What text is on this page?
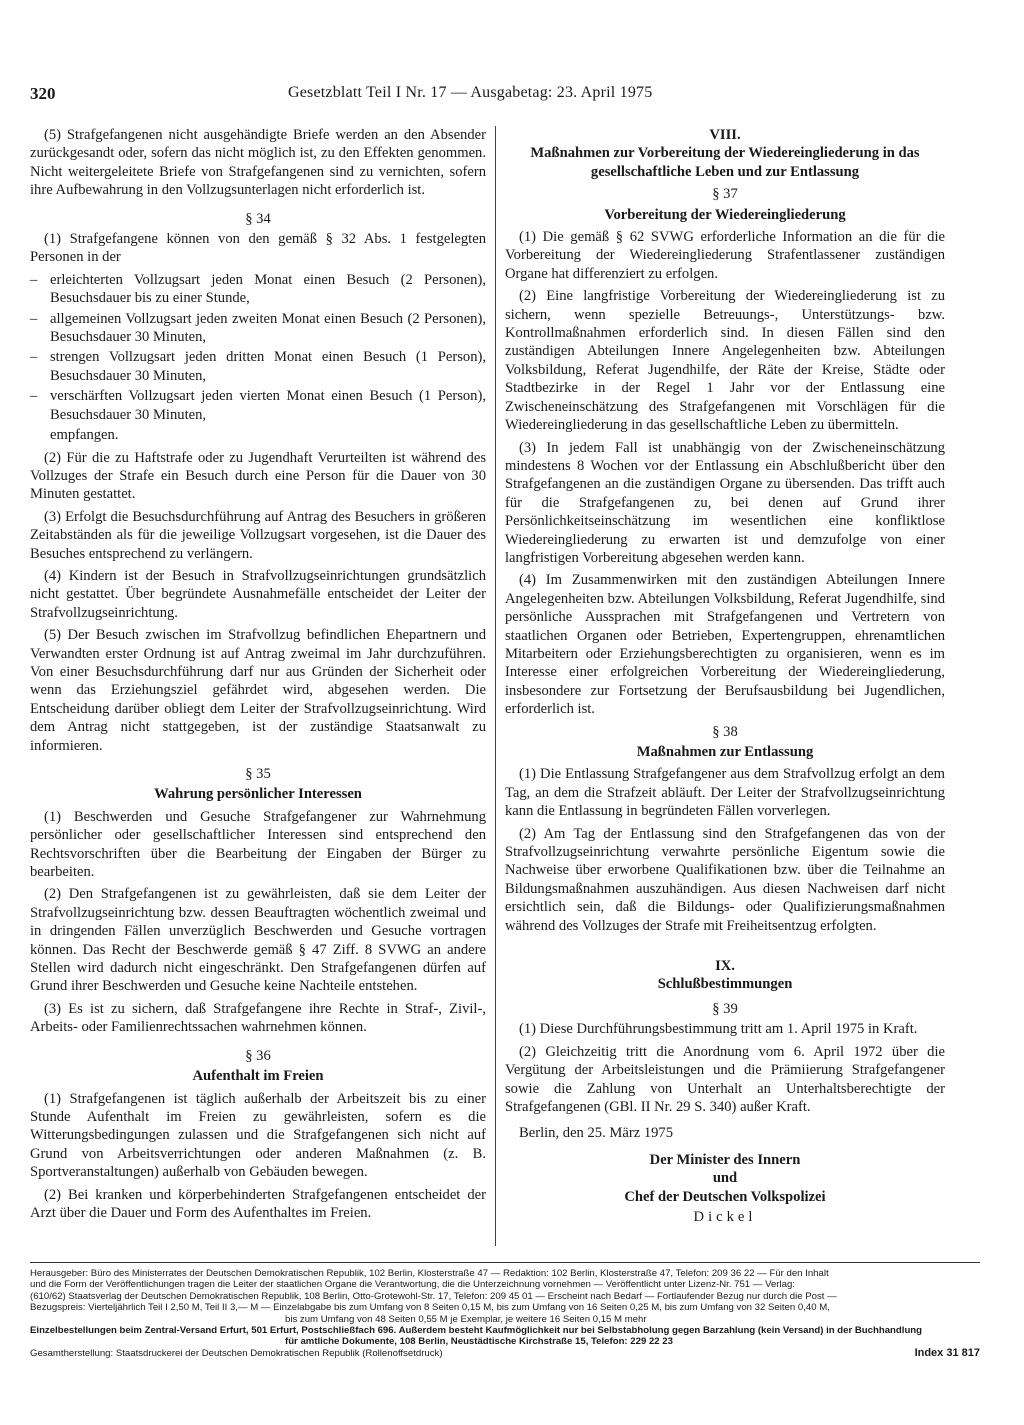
320	Gesetzblatt Teil I Nr. 17 — Ausgabetag: 23. April 1975

(5) Strafgefangenen nicht ausgehändigte Briefe werden an den Absender zurückgesandt oder, sofern das nicht möglich ist, zu den Effekten genommen. Nicht weitergeleitete Briefe von Strafgefangenen sind zu vernichten, sofern ihre Aufbewahrung in den Vollzugsunterlagen nicht erforderlich ist.

§ 34

(1) Strafgefangene können von den gemäß § 32 Abs. 1 festgelegten Personen in der

– erleichterten Vollzugsart jeden Monat einen Besuch (2 Personen), Besuchsdauer bis zu einer Stunde,
– allgemeinen Vollzugsart jeden zweiten Monat einen Besuch (2 Personen), Besuchsdauer 30 Minuten,
– strengen Vollzugsart jeden dritten Monat einen Besuch (1 Person), Besuchsdauer 30 Minuten,
– verschärften Vollzugsart jeden vierten Monat einen Besuch (1 Person), Besuchsdauer 30 Minuten,

empfangen.

(2) Für die zu Haftstrafe oder zu Jugendhaft Verurteilten ist während des Vollzuges der Strafe ein Besuch durch eine Person für die Dauer von 30 Minuten gestattet.

(3) Erfolgt die Besuchsdurchführung auf Antrag des Besuchers in größeren Zeitabständen als für die jeweilige Vollzugsart vorgesehen, ist die Dauer des Besuches entsprechend zu verlängern.

(4) Kindern ist der Besuch in Strafvollzugseinrichtungen grundsätzlich nicht gestattet. Über begründete Ausnahmefälle entscheidet der Leiter der Strafvollzugseinrichtung.

(5) Der Besuch zwischen im Strafvollzug befindlichen Ehepartnern und Verwandten erster Ordnung ist auf Antrag zweimal im Jahr durchzuführen. Von einer Besuchsdurchführung darf nur aus Gründen der Sicherheit oder wenn das Erziehungsziel gefährdet wird, abgesehen werden. Die Entscheidung darüber obliegt dem Leiter der Strafvollzugseinrichtung. Wird dem Antrag nicht stattgegeben, ist der zuständige Staatsanwalt zu informieren.

§ 35

Wahrung persönlicher Interessen

(1) Beschwerden und Gesuche Strafgefangener zur Wahrnehmung persönlicher oder gesellschaftlicher Interessen sind entsprechend den Rechtsvorschriften über die Bearbeitung der Eingaben der Bürger zu bearbeiten.

(2) Den Strafgefangenen ist zu gewährleisten, daß sie dem Leiter der Strafvollzugseinrichtung bzw. dessen Beauftragten wöchentlich zweimal und in dringenden Fällen unverzüglich Beschwerden und Gesuche vortragen können. Das Recht der Beschwerde gemäß § 47 Ziff. 8 SVWG an andere Stellen wird dadurch nicht eingeschränkt. Den Strafgefangenen dürfen auf Grund ihrer Beschwerden und Gesuche keine Nachteile entstehen.

(3) Es ist zu sichern, daß Strafgefangene ihre Rechte in Straf-, Zivil-, Arbeits- oder Familienrechtssachen wahrnehmen können.

§ 36

Aufenthalt im Freien

(1) Strafgefangenen ist täglich außerhalb der Arbeitszeit bis zu einer Stunde Aufenthalt im Freien zu gewährleisten, sofern es die Witterungsbedingungen zulassen und die Strafgefangenen sich nicht auf Grund von Arbeitsverrichtungen oder anderen Maßnahmen (z. B. Sportveranstaltungen) außerhalb von Gebäuden bewegen.

(2) Bei kranken und körperbehinderten Strafgefangenen entscheidet der Arzt über die Dauer und Form des Aufenthaltes im Freien.

VIII.

Maßnahmen zur Vorbereitung der Wiedereingliederung in das gesellschaftliche Leben und zur Entlassung

§ 37

Vorbereitung der Wiedereingliederung

(1) Die gemäß § 62 SVWG erforderliche Information an die für die Vorbereitung der Wiedereingliederung Strafentlassener zuständigen Organe hat differenziert zu erfolgen.

(2) Eine langfristige Vorbereitung der Wiedereingliederung ist zu sichern, wenn spezielle Betreuungs-, Unterstützungs- bzw. Kontrollmaßnahmen erforderlich sind. In diesen Fällen sind den zuständigen Abteilungen Innere Angelegenheiten bzw. Abteilungen Volksbildung, Referat Jugendhilfe, der Räte der Kreise, Städte oder Stadtbezirke in der Regel 1 Jahr vor der Entlassung eine Zwischeneinschätzung des Strafgefangenen mit Vorschlägen für die Wiedereingliederung in das gesellschaftliche Leben zu übermitteln.

(3) In jedem Fall ist unabhängig von der Zwischeneinschätzung mindestens 8 Wochen vor der Entlassung ein Abschlußbericht über den Strafgefangenen an die zuständigen Organe zu übersenden. Das trifft auch für die Strafgefangenen zu, bei denen auf Grund ihrer Persönlichkeitseinschätzung im wesentlichen eine konfliktlose Wiedereingliederung zu erwarten ist und demzufolge von einer langfristigen Vorbereitung abgesehen werden kann.

(4) Im Zusammenwirken mit den zuständigen Abteilungen Innere Angelegenheiten bzw. Abteilungen Volksbildung, Referat Jugendhilfe, sind persönliche Aussprachen mit Strafgefangenen und Vertretern von staatlichen Organen oder Betrieben, Expertengruppen, ehrenamtlichen Mitarbeitern oder Erziehungsberechtigten zu organisieren, wenn es im Interesse einer erfolgreichen Vorbereitung der Wiedereingliederung, insbesondere zur Fortsetzung der Berufsausbildung bei Jugendlichen, erforderlich ist.

§ 38

Maßnahmen zur Entlassung

(1) Die Entlassung Strafgefangener aus dem Strafvollzug erfolgt an dem Tag, an dem die Strafzeit abläuft. Der Leiter der Strafvollzugseinrichtung kann die Entlassung in begründeten Fällen vorverlegen.

(2) Am Tag der Entlassung sind den Strafgefangenen das von der Strafvollzugseinrichtung verwahrte persönliche Eigentum sowie die Nachweise über erworbene Qualifikationen bzw. über die Teilnahme an Bildungsmaßnahmen auszuhändigen. Aus diesen Nachweisen darf nicht ersichtlich sein, daß die Bildungs- oder Qualifizierungsmaßnahmen während des Vollzuges der Strafe mit Freiheitsentzug erfolgten.

IX.

Schlußbestimmungen

§ 39

(1) Diese Durchführungsbestimmung tritt am 1. April 1975 in Kraft.

(2) Gleichzeitig tritt die Anordnung vom 6. April 1972 über die Vergütung der Arbeitsleistungen und die Prämiierung Strafgefangener sowie die Zahlung von Unterhalt an Unterhaltsberechtigte der Strafgefangenen (GBl. II Nr. 29 S. 340) außer Kraft.

Berlin, den 25. März 1975

Der Minister des Innern

und

Chef der Deutschen Volkspolizei

Dickel

Herausgeber: Büro des Ministerrates der Deutschen Demokratischen Republik, 102 Berlin, Klosterstraße 47 — Redaktion: 102 Berlin, Klosterstraße 47, Telefon: 209 36 22 — Für den Inhalt
und die Form der Veröffentlichungen tragen die Leiter der staatlichen Organe die Verantwortung, die die Unterzeichnung vornehmen — Veröffentlicht unter Lizenz-Nr. 751 — Verlag:
(610/62) Staatsverlag der Deutschen Demokratischen Republik, 108 Berlin, Otto-Grotewohl-Str. 17, Telefon: 209 45 01 — Erscheint nach Bedarf — Fortlaufender Bezug nur durch die Post —
Bezugspreis: Vierteljährlich Teil I 2,50 M, Teil II 3,— M — Einzelabgabe bis zum Umfang von 8 Seiten 0,15 M, bis zum Umfang von 16 Seiten 0,25 M, bis zum Umfang von 32 Seiten 0,40 M,
bis zum Umfang von 48 Seiten 0,55 M je Exemplar, je weitere 16 Seiten 0,15 M mehr
Einzelbestellungen beim Zentral-Versand Erfurt, 501 Erfurt, Postschließfach 696. Außerdem besteht Kaufmöglichkeit nur bei Selbstabholung gegen Barzahlung (kein Versand) in der Buchhandlung
für amtliche Dokumente, 108 Berlin, Neustädtische Kirchstraße 15, Telefon: 229 22 23
Gesamtherstellung: Staatsdruckerei der Deutschen Demokratischen Republik (Rollenoffsetdruck)	Index 31 817
